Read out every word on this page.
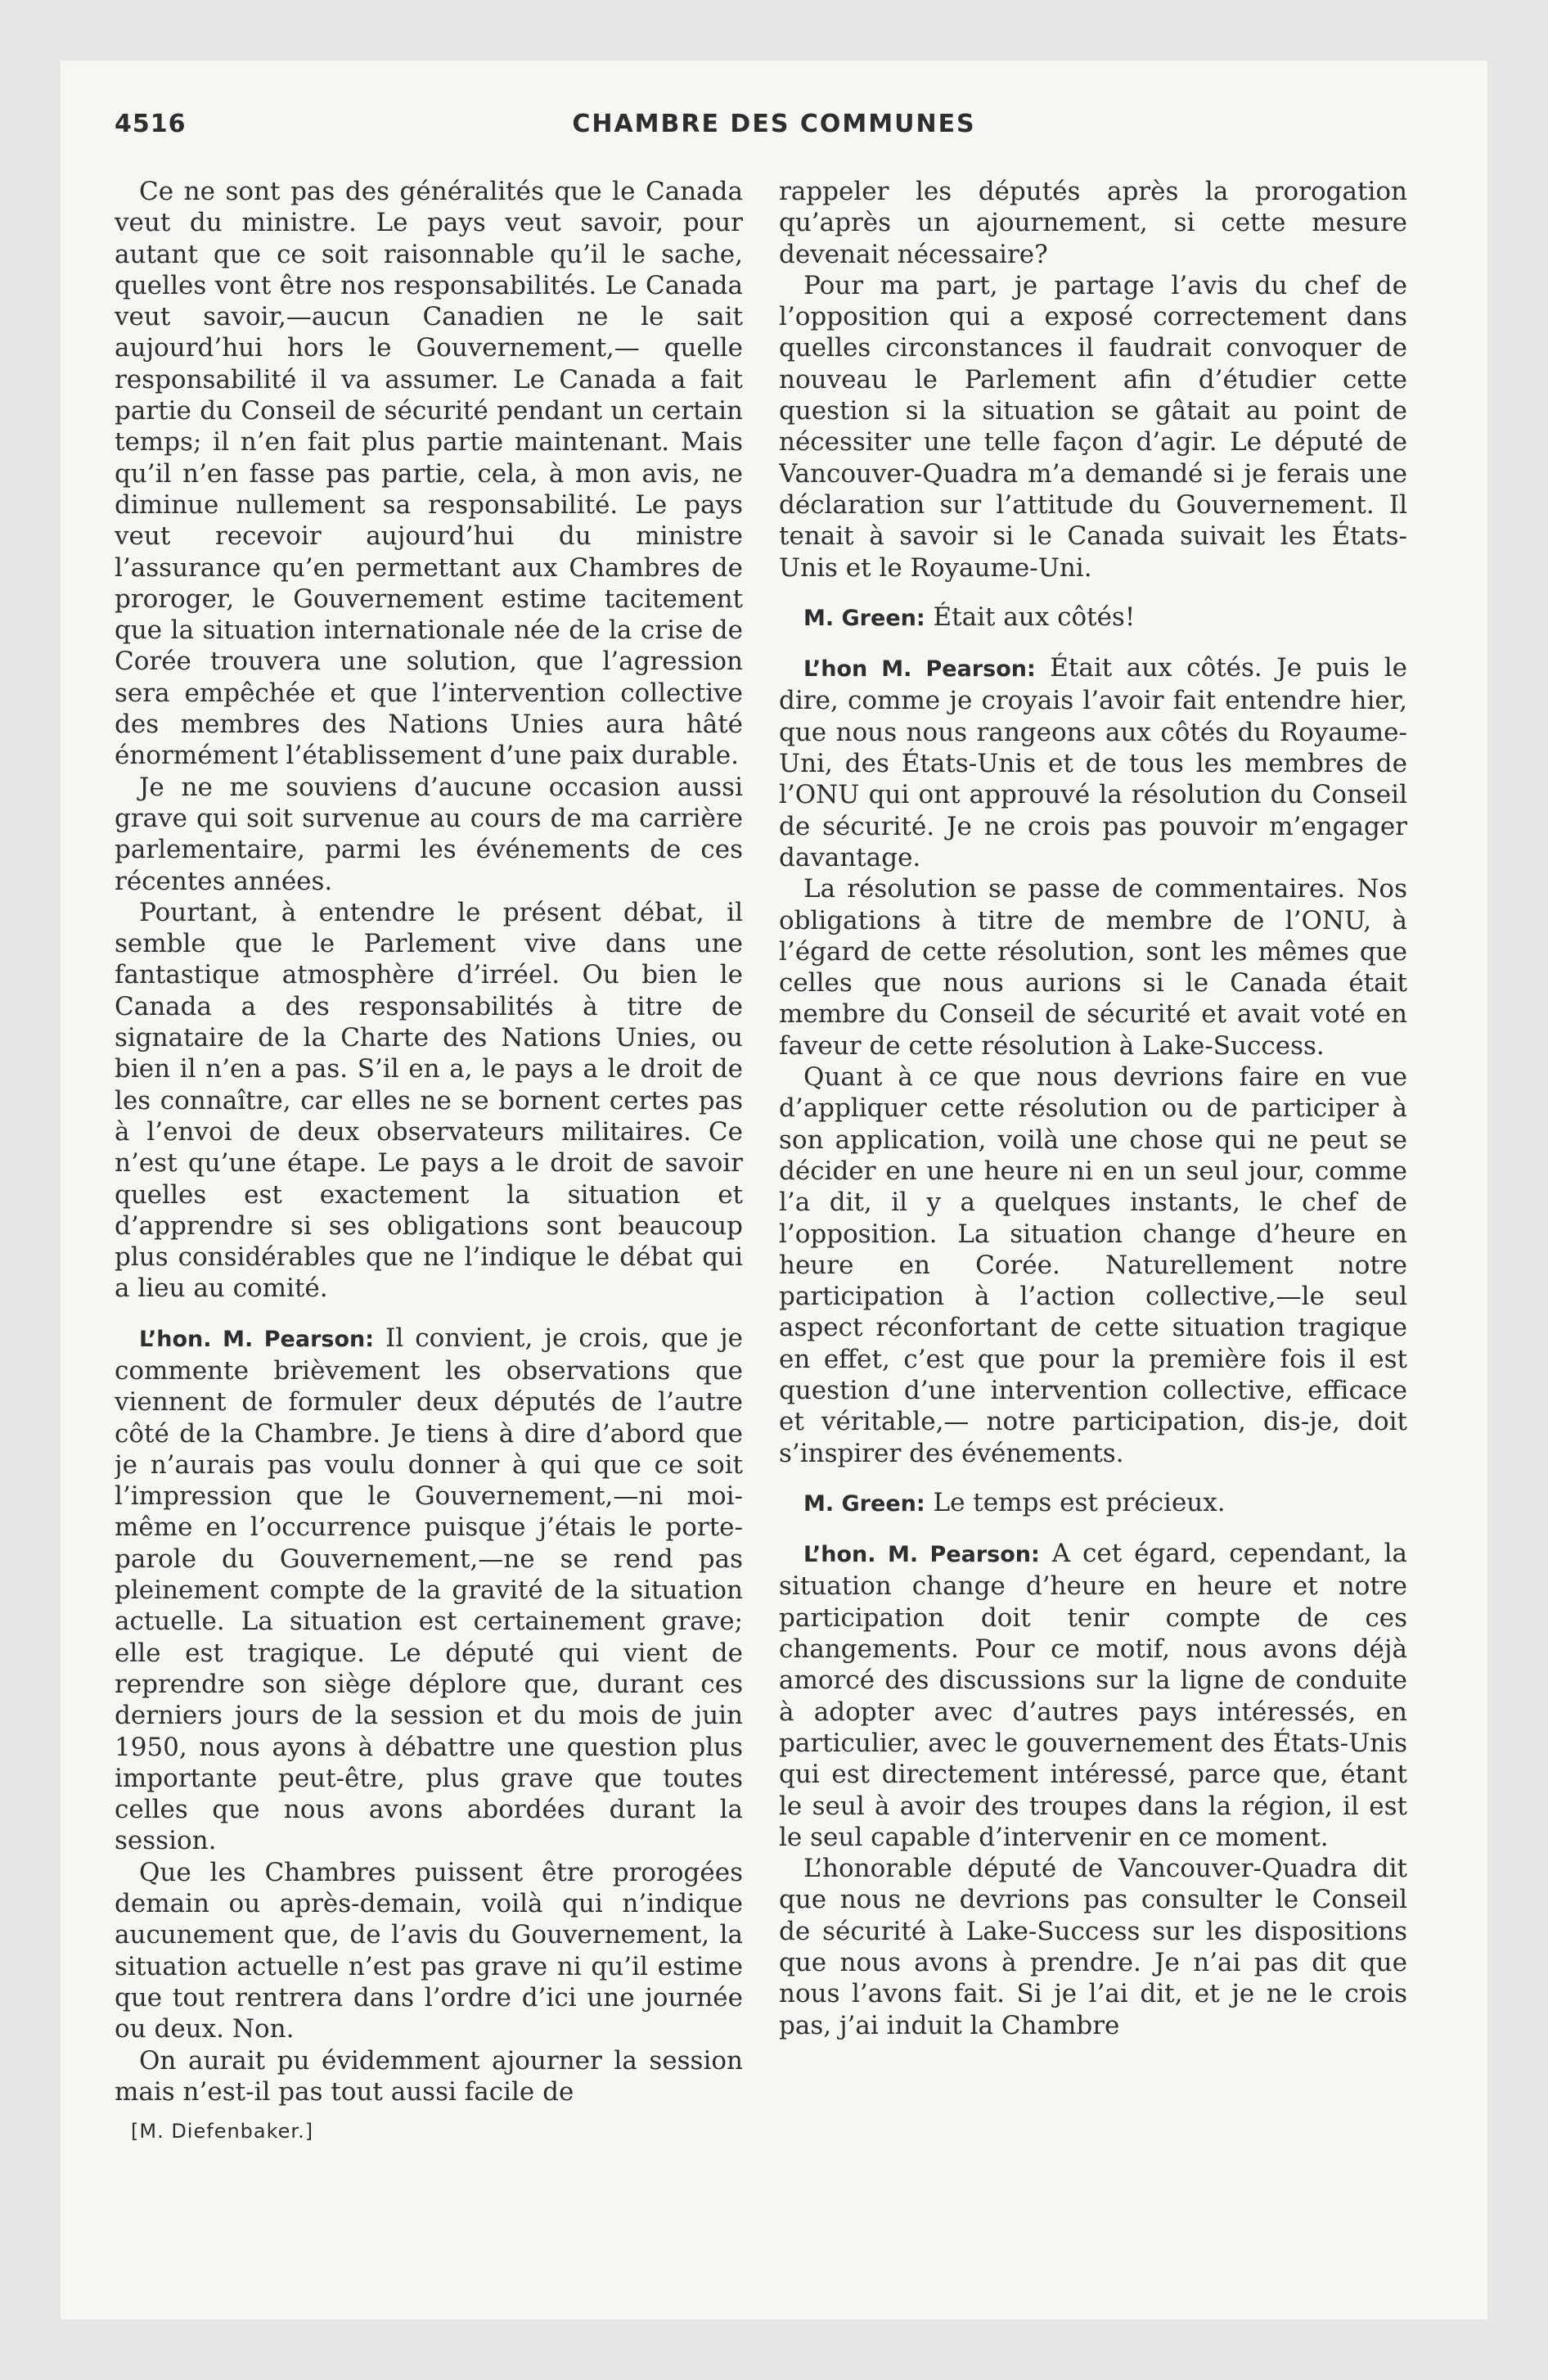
4516	CHAMBRE DES COMMUNES

Ce ne sont pas des généralités que le Canada veut du ministre. Le pays veut savoir, pour autant que ce soit raisonnable qu’il le sache, quelles vont être nos responsabilités. Le Canada veut savoir,—aucun Canadien ne le sait aujourd’hui hors le Gouvernement,— quelle responsabilité il va assumer. Le Canada a fait partie du Conseil de sécurité pendant un certain temps; il n’en fait plus partie maintenant. Mais qu’il n’en fasse pas partie, cela, à mon avis, ne diminue nullement sa responsabilité. Le pays veut recevoir aujourd’hui du ministre l’assurance qu’en permettant aux Chambres de proroger, le Gouvernement estime tacitement que la situation internationale née de la crise de Corée trouvera une solution, que l’agression sera empêchée et que l’intervention collective des membres des Nations Unies aura hâté énormément l’établissement d’une paix durable.

Je ne me souviens d’aucune occasion aussi grave qui soit survenue au cours de ma carrière parlementaire, parmi les événements de ces récentes années.

Pourtant, à entendre le présent débat, il semble que le Parlement vive dans une fantastique atmosphère d’irréel. Ou bien le Canada a des responsabilités à titre de signataire de la Charte des Nations Unies, ou bien il n’en a pas. S’il en a, le pays a le droit de les connaître, car elles ne se bornent certes pas à l’envoi de deux observateurs militaires. Ce n’est qu’une étape. Le pays a le droit de savoir quelles est exactement la situation et d’apprendre si ses obligations sont beaucoup plus considérables que ne l’indique le débat qui a lieu au comité.

L’hon. M. Pearson: Il convient, je crois, que je commente brièvement les observations que viennent de formuler deux députés de l’autre côté de la Chambre. Je tiens à dire d’abord que je n’aurais pas voulu donner à qui que ce soit l’impression que le Gouvernement,—ni moi-même en l’occurrence puisque j’étais le porte-parole du Gouvernement,—ne se rend pas pleinement compte de la gravité de la situation actuelle. La situation est certainement grave; elle est tragique. Le député qui vient de reprendre son siège déplore que, durant ces derniers jours de la session et du mois de juin 1950, nous ayons à débattre une question plus importante peut-être, plus grave que toutes celles que nous avons abordées durant la session.

Que les Chambres puissent être prorogées demain ou après-demain, voilà qui n’indique aucunement que, de l’avis du Gouvernement, la situation actuelle n’est pas grave ni qu’il estime que tout rentrera dans l’ordre d’ici une journée ou deux. Non.

On aurait pu évidemment ajourner la session mais n’est-il pas tout aussi facile de

rappeler les députés après la prorogation qu’après un ajournement, si cette mesure devenait nécessaire?

Pour ma part, je partage l’avis du chef de l’opposition qui a exposé correctement dans quelles circonstances il faudrait convoquer de nouveau le Parlement afin d’étudier cette question si la situation se gâtait au point de nécessiter une telle façon d’agir. Le député de Vancouver-Quadra m’a demandé si je ferais une déclaration sur l’attitude du Gouvernement. Il tenait à savoir si le Canada suivait les États-Unis et le Royaume-Uni.

M. Green: Était aux côtés!

L’hon M. Pearson: Était aux côtés. Je puis le dire, comme je croyais l’avoir fait entendre hier, que nous nous rangeons aux côtés du Royaume-Uni, des États-Unis et de tous les membres de l’ONU qui ont approuvé la résolution du Conseil de sécurité. Je ne crois pas pouvoir m’engager davantage.

La résolution se passe de commentaires. Nos obligations à titre de membre de l’ONU, à l’égard de cette résolution, sont les mêmes que celles que nous aurions si le Canada était membre du Conseil de sécurité et avait voté en faveur de cette résolution à Lake-Success.

Quant à ce que nous devrions faire en vue d’appliquer cette résolution ou de participer à son application, voilà une chose qui ne peut se décider en une heure ni en un seul jour, comme l’a dit, il y a quelques instants, le chef de l’opposition. La situation change d’heure en heure en Corée. Naturellement notre participation à l’action collective,—le seul aspect réconfortant de cette situation tragique en effet, c’est que pour la première fois il est question d’une intervention collective, efficace et véritable,— notre participation, dis-je, doit s’inspirer des événements.

M. Green: Le temps est précieux.

L’hon. M. Pearson: A cet égard, cependant, la situation change d’heure en heure et notre participation doit tenir compte de ces changements. Pour ce motif, nous avons déjà amorcé des discussions sur la ligne de conduite à adopter avec d’autres pays intéressés, en particulier, avec le gouvernement des États-Unis qui est directement intéressé, parce que, étant le seul à avoir des troupes dans la région, il est le seul capable d’intervenir en ce moment.

L’honorable député de Vancouver-Quadra dit que nous ne devrions pas consulter le Conseil de sécurité à Lake-Success sur les dispositions que nous avons à prendre. Je n’ai pas dit que nous l’avons fait. Si je l’ai dit, et je ne le crois pas, j’ai induit la Chambre

[M. Diefenbaker.]
